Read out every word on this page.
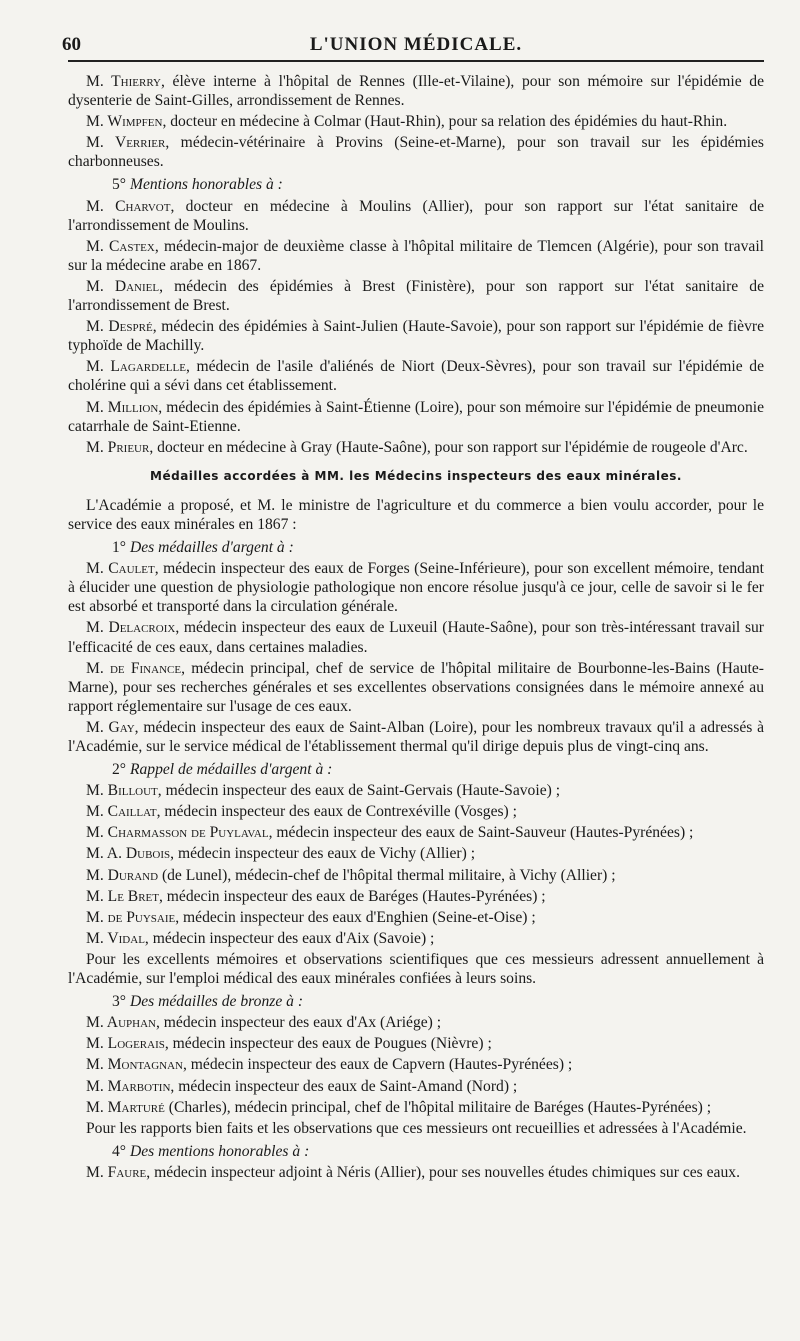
60	L'UNION MÉDICALE.

M. Thierry, élève interne à l'hôpital de Rennes (Ille-et-Vilaine), pour son mémoire sur l'épidémie de dysenterie de Saint-Gilles, arrondissement de Rennes.

M. Wimpfen, docteur en médecine à Colmar (Haut-Rhin), pour sa relation des épidémies du haut-Rhin.

M. Verrier, médecin-vétérinaire à Provins (Seine-et-Marne), pour son travail sur les épidémies charbonneuses.

5° Mentions honorables à :

M. Charvot, docteur en médecine à Moulins (Allier), pour son rapport sur l'état sanitaire de l'arrondissement de Moulins.

M. Castex, médecin-major de deuxième classe à l'hôpital militaire de Tlemcen (Algérie), pour son travail sur la médecine arabe en 1867.

M. Daniel, médecin des épidémies à Brest (Finistère), pour son rapport sur l'état sanitaire de l'arrondissement de Brest.

M. Despré, médecin des épidémies à Saint-Julien (Haute-Savoie), pour son rapport sur l'épidémie de fièvre typhoïde de Machilly.

M. Lagardelle, médecin de l'asile d'aliénés de Niort (Deux-Sèvres), pour son travail sur l'épidémie de cholérine qui a sévi dans cet établissement.

M. Million, médecin des épidémies à Saint-Étienne (Loire), pour son mémoire sur l'épidémie de pneumonie catarrhale de Saint-Etienne.

M. Prieur, docteur en médecine à Gray (Haute-Saône), pour son rapport sur l'épidémie de rougeole d'Arc.

Médailles accordées à MM. les Médecins inspecteurs des eaux minérales.

L'Académie a proposé, et M. le ministre de l'agriculture et du commerce a bien voulu accorder, pour le service des eaux minérales en 1867 :

1° Des médailles d'argent à :

M. Caulet, médecin inspecteur des eaux de Forges (Seine-Inférieure), pour son excellent mémoire, tendant à élucider une question de physiologie pathologique non encore résolue jusqu'à ce jour, celle de savoir si le fer est absorbé et transporté dans la circulation générale.

M. Delacroix, médecin inspecteur des eaux de Luxeuil (Haute-Saône), pour son très-intéressant travail sur l'efficacité de ces eaux, dans certaines maladies.

M. de Finance, médecin principal, chef de service de l'hôpital militaire de Bourbonne-les-Bains (Haute-Marne), pour ses recherches générales et ses excellentes observations consignées dans le mémoire annexé au rapport réglementaire sur l'usage de ces eaux.

M. Gay, médecin inspecteur des eaux de Saint-Alban (Loire), pour les nombreux travaux qu'il a adressés à l'Académie, sur le service médical de l'établissement thermal qu'il dirige depuis plus de vingt-cinq ans.

2° Rappel de médailles d'argent à :

M. Billout, médecin inspecteur des eaux de Saint-Gervais (Haute-Savoie) ;

M. Caillat, médecin inspecteur des eaux de Contrexéville (Vosges) ;

M. Charmasson de Puylaval, médecin inspecteur des eaux de Saint-Sauveur (Hautes-Pyrénées) ;

M. A. Dubois, médecin inspecteur des eaux de Vichy (Allier) ;

M. Durand (de Lunel), médecin-chef de l'hôpital thermal militaire, à Vichy (Allier) ;

M. Le Bret, médecin inspecteur des eaux de Baréges (Hautes-Pyrénées) ;

M. de Puysaie, médecin inspecteur des eaux d'Enghien (Seine-et-Oise) ;

M. Vidal, médecin inspecteur des eaux d'Aix (Savoie) ;

Pour les excellents mémoires et observations scientifiques que ces messieurs adressent annuellement à l'Académie, sur l'emploi médical des eaux minérales confiées à leurs soins.

3° Des médailles de bronze à :

M. Auphan, médecin inspecteur des eaux d'Ax (Ariége) ;

M. Logerais, médecin inspecteur des eaux de Pougues (Nièvre) ;

M. Montagnan, médecin inspecteur des eaux de Capvern (Hautes-Pyrénées) ;

M. Marbotin, médecin inspecteur des eaux de Saint-Amand (Nord) ;

M. Marturé (Charles), médecin principal, chef de l'hôpital militaire de Baréges (Hautes-Pyrénées) ;

Pour les rapports bien faits et les observations que ces messieurs ont recueillies et adressées à l'Académie.

4° Des mentions honorables à :

M. Faure, médecin inspecteur adjoint à Néris (Allier), pour ses nouvelles études chimiques sur ces eaux.
